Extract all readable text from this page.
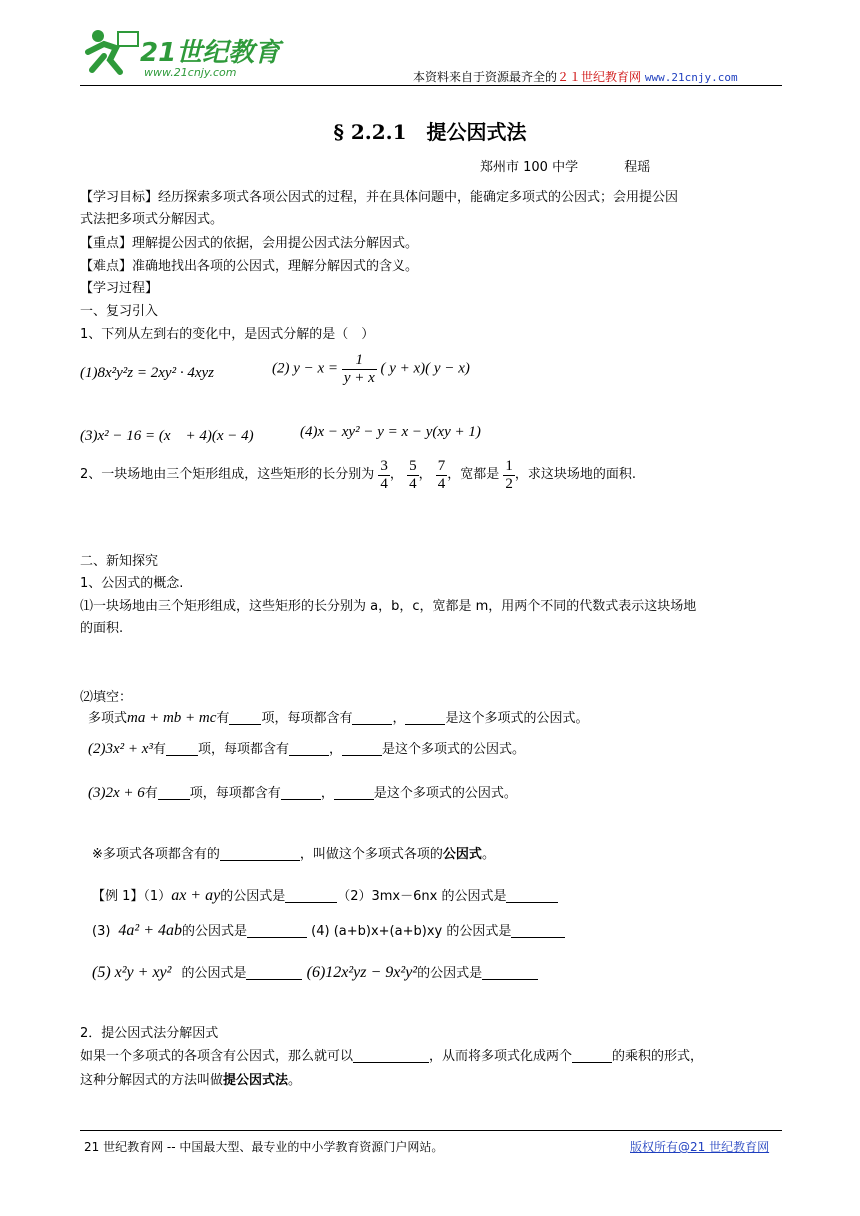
21世纪教育
www.21cnjy.com	本资料来自于资源最齐全的２１世纪教育网 www.21cnjy.com
§ 2.2.1　提公因式法
郑州市 100 中学	程瑶
【学习目标】经历探索多项式各项公因式的过程，并在具体问题中，能确定多项式的公因式；会用提公因
式法把多项式分解因式。
【重点】理解提公因式的依据，会用提公因式法分解因式。
【难点】准确地找出各项的公因式，理解分解因式的含义。
【学习过程】
一、复习引入
1、下列从左到右的变化中，是因式分解的是（　）
(1)8x²y²z = 2xy² · 4xyz	(2) $y - x = \frac{1}{y + x}$ ( y + x)( y − x)
(3)x² − 16 = (x　+ 4)(x − 4)	(4)x − xy² − y = x − y(xy + 1)
2、一块场地由三个矩形组成，这些矩形的长分别为 $\frac{3}{4}$ ， $\frac{5}{4}$ ， $\frac{7}{4}$ ，宽都是 $\frac{1}{2}$ ，求这块场地的面积.
二、新知探究
1、公因式的概念.
⑴一块场地由三个矩形组成，这些矩形的长分别为 a，b，c，宽都是 m，用两个不同的代数式表示这块场地
的面积.
⑵填空：
多项式ma + mb + mc有 项，每项都含有	，	是这个多项式的公因式。
(2)3x² + x³有 项，每项都含有	，	是这个多项式的公因式。
(3)2x + 6有 项，每项都含有	，	是这个多项式的公因式。
※多项式各项都含有的	，叫做这个多项式各项的公因式。
【例 1】（1）ax + ay的公因式是	（2）3mx－6nx 的公因式是
(3) 4a² + 4ab的公因式是	(4) (a+b)x+(a+b)xy 的公因式是
(5) x²y + xy² 的公因式是	(6)12x²yz − 9x²y²的公因式是
2．提公因式法分解因式
如果一个多项式的各项含有公因式，那么就可以	，从而将多项式化成两个	的乘积的形式，
这种分解因式的方法叫做提公因式法。
21 世纪教育网 -- 中国最大型、最专业的中小学教育资源门户网站。	版权所有@21 世纪教育网
